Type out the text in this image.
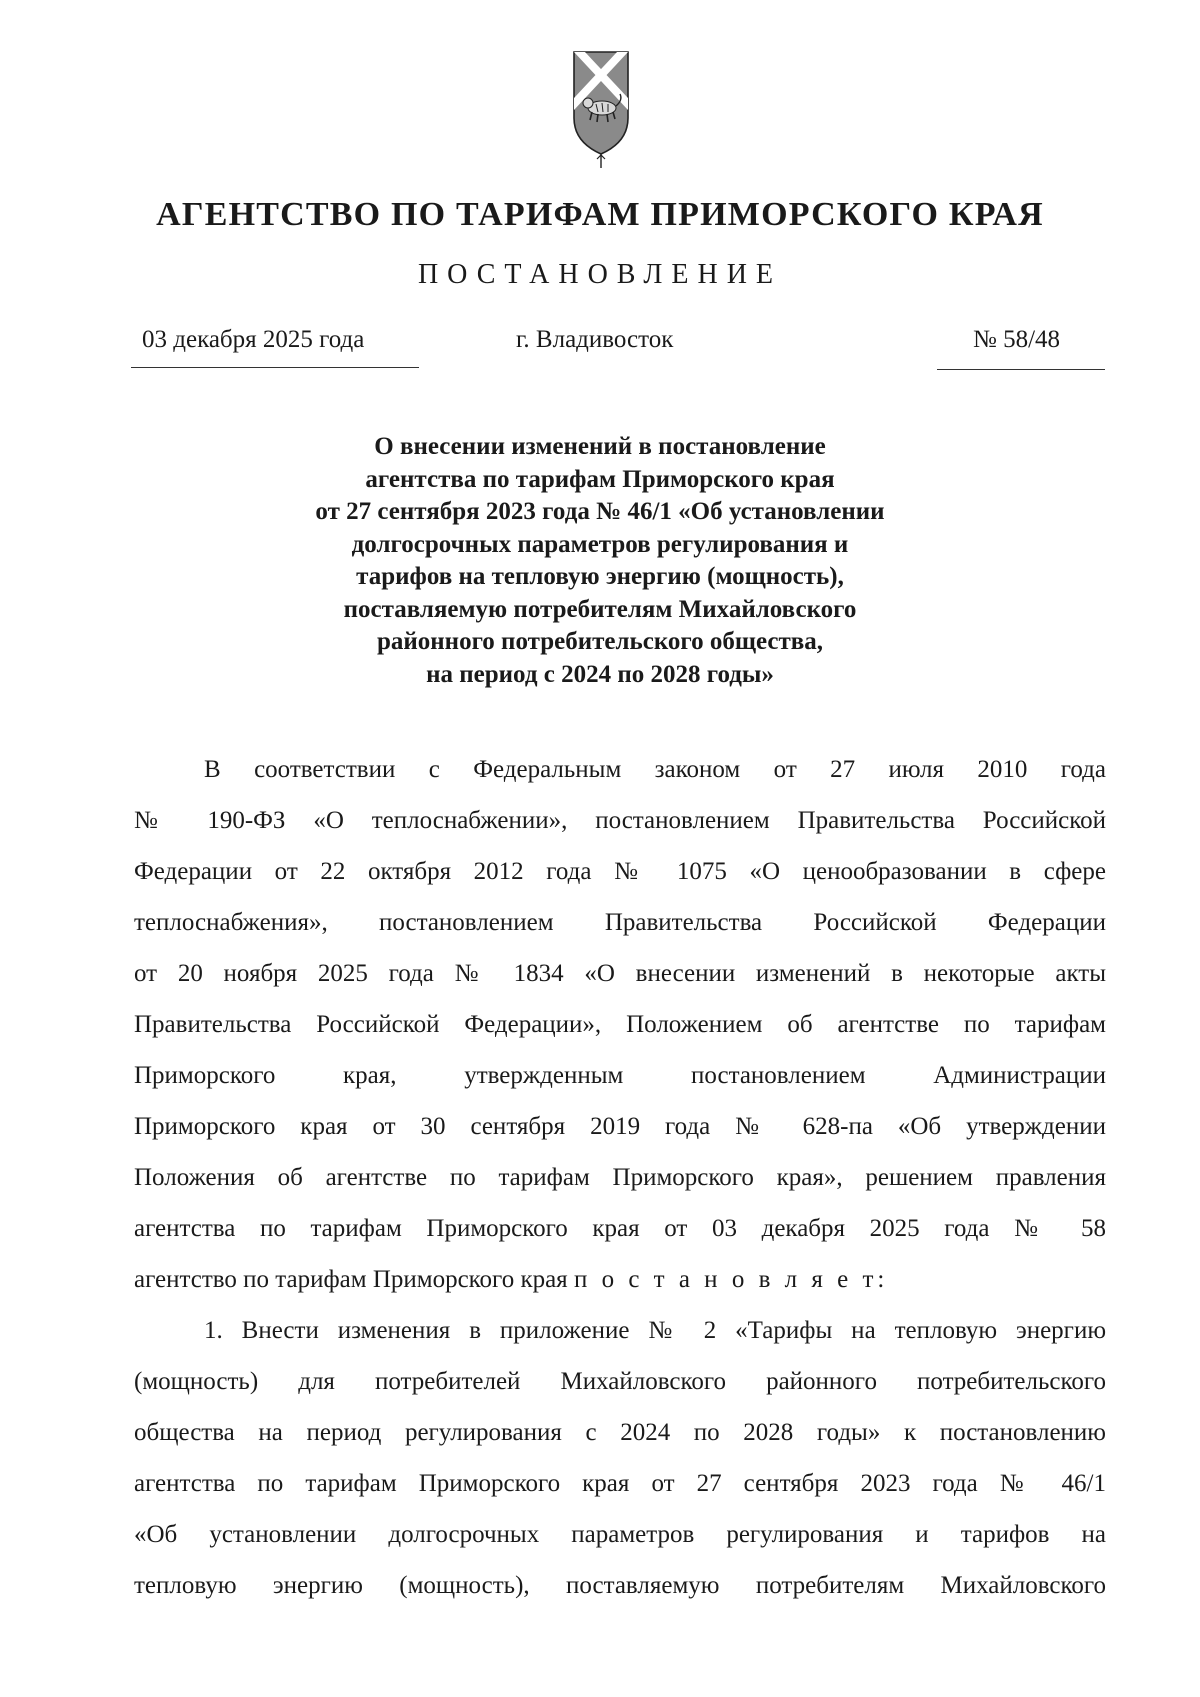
АГЕНТСТВО ПО ТАРИФАМ ПРИМОРСКОГО КРАЯ
ПОСТАНОВЛЕНИЕ
03 декабря 2025 года	г. Владивосток	№ 58/48
О внесении изменений в постановление
агентства по тарифам Приморского края
от 27 сентября 2023 года № 46/1 «Об установлении
долгосрочных параметров регулирования и
тарифов на тепловую энергию (мощность),
поставляемую потребителям Михайловского
районного потребительского общества,
на период с 2024 по 2028 годы»
В соответствии с Федеральным законом от 27 июля 2010 года
№ 190-ФЗ «О теплоснабжении», постановлением Правительства Российской
Федерации от 22 октября 2012 года № 1075 «О ценообразовании в сфере
теплоснабжения», постановлением Правительства Российской Федерации
от 20 ноября 2025 года № 1834 «О внесении изменений в некоторые акты
Правительства Российской Федерации», Положением об агентстве по тарифам
Приморского края, утвержденным постановлением Администрации
Приморского края от 30 сентября 2019 года № 628-па «Об утверждении
Положения об агентстве по тарифам Приморского края», решением правления
агентства по тарифам Приморского края от 03 декабря 2025 года № 58
агентство по тарифам Приморского края п о с т а н о в л я е т:
1. Внести изменения в приложение № 2 «Тарифы на тепловую энергию
(мощность) для потребителей Михайловского районного потребительского
общества на период регулирования с 2024 по 2028 годы» к постановлению
агентства по тарифам Приморского края от 27 сентября 2023 года № 46/1
«Об установлении долгосрочных параметров регулирования и тарифов на
тепловую энергию (мощность), поставляемую потребителям Михайловского
